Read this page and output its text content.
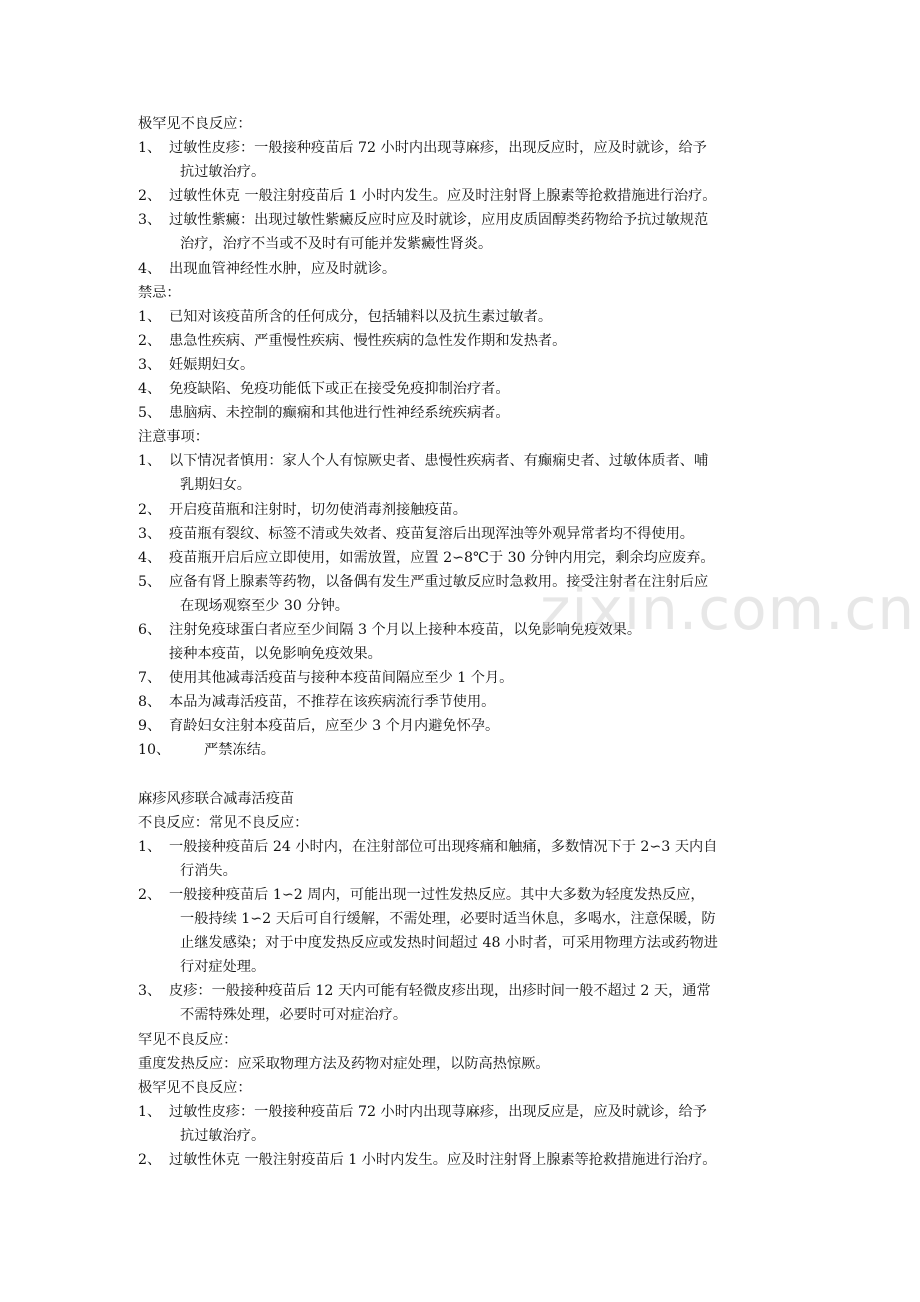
极罕见不良反应：
1、 过敏性皮疹：一般接种疫苗后 72 小时内出现荨麻疹，出现反应时，应及时就诊，给予
抗过敏治疗。
2、 过敏性休克 一般注射疫苗后 1 小时内发生。应及时注射肾上腺素等抢救措施进行治疗。
3、 过敏性紫癜：出现过敏性紫癜反应时应及时就诊，应用皮质固醇类药物给予抗过敏规范
治疗，治疗不当或不及时有可能并发紫癜性肾炎。
4、 出现血管神经性水肿，应及时就诊。
禁忌：
1、 已知对该疫苗所含的任何成分，包括辅料以及抗生素过敏者。
2、 患急性疾病、严重慢性疾病、慢性疾病的急性发作期和发热者。
3、 妊娠期妇女。
4、 免疫缺陷、免疫功能低下或正在接受免疫抑制治疗者。
5、 患脑病、未控制的癫痫和其他进行性神经系统疾病者。
注意事项：
1、 以下情况者慎用：家人个人有惊厥史者、患慢性疾病者、有癫痫史者、过敏体质者、哺
乳期妇女。
2、 开启疫苗瓶和注射时，切勿使消毒剂接触疫苗。
3、 疫苗瓶有裂纹、标签不清或失效者、疫苗复溶后出现浑浊等外观异常者均不得使用。
4、 疫苗瓶开启后应立即使用，如需放置，应置 2∽8℃于 30 分钟内用完，剩余均应废弃。
5、 应备有肾上腺素等药物，以备偶有发生严重过敏反应时急救用。接受注射者在注射后应
在现场观察至少 30 分钟。
6、 注射免疫球蛋白者应至少间隔 3 个月以上接种本疫苗，以免影响免疫效果。
接种本疫苗，以免影响免疫效果。
7、 使用其他减毒活疫苗与接种本疫苗间隔应至少 1 个月。
8、 本品为减毒活疫苗，不推荐在该疾病流行季节使用。
9、 育龄妇女注射本疫苗后，应至少 3 个月内避免怀孕。
10、 严禁冻结。
麻疹风疹联合减毒活疫苗
不良反应：常见不良反应：
1、 一般接种疫苗后 24 小时内，在注射部位可出现疼痛和触痛，多数情况下于 2∽3 天内自
行消失。
2、 一般接种疫苗后 1∽2 周内，可能出现一过性发热反应。其中大多数为轻度发热反应，
一般持续 1∽2 天后可自行缓解，不需处理，必要时适当休息，多喝水，注意保暖，防
止继发感染；对于中度发热反应或发热时间超过 48 小时者，可采用物理方法或药物进
行对症处理。
3、 皮疹：一般接种疫苗后 12 天内可能有轻微皮疹出现，出疹时间一般不超过 2 天，通常
不需特殊处理，必要时可对症治疗。
罕见不良反应：
重度发热反应：应采取物理方法及药物对症处理，以防高热惊厥。
极罕见不良反应：
1、 过敏性皮疹：一般接种疫苗后 72 小时内出现荨麻疹，出现反应是，应及时就诊，给予
抗过敏治疗。
2、 过敏性休克 一般注射疫苗后 1 小时内发生。应及时注射肾上腺素等抢救措施进行治疗。
zixin.com.cn
